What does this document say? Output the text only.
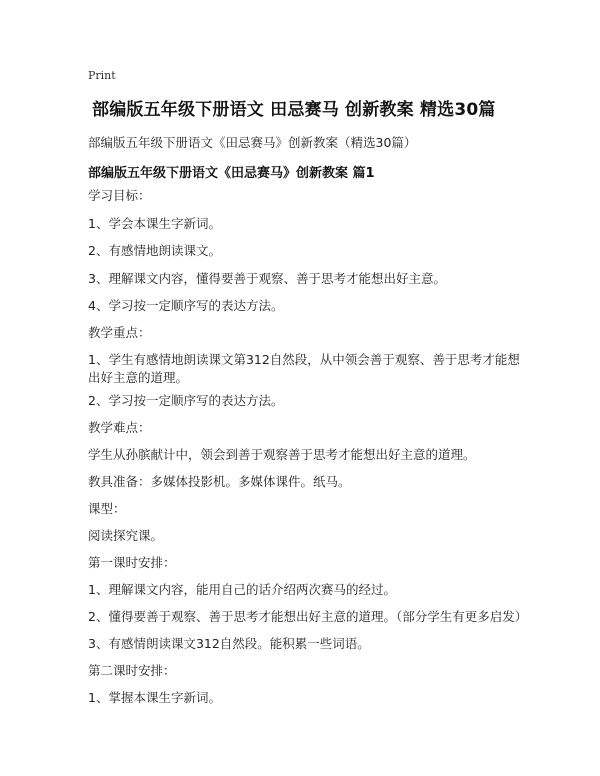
Print
部编版五年级下册语文 田忌赛马 创新教案 精选30篇
部编版五年级下册语文《田忌赛马》创新教案（精选30篇）
部编版五年级下册语文《田忌赛马》创新教案 篇1
学习目标：
1、学会本课生字新词。
2、有感情地朗读课文。
3、理解课文内容，懂得要善于观察、善于思考才能想出好主意。
4、学习按一定顺序写的表达方法。
教学重点：
1、学生有感情地朗读课文第312自然段，从中领会善于观察、善于思考才能想出好主意的道理。
2、学习按一定顺序写的表达方法。
教学难点：
学生从孙膑献计中，领会到善于观察善于思考才能想出好主意的道理。
教具准备：多媒体投影机。多媒体课件。纸马。
课型：
阅读探究课。
第一课时安排：
1、理解课文内容，能用自己的话介绍两次赛马的经过。
2、懂得要善于观察、善于思考才能想出好主意的道理。（部分学生有更多启发）
3、有感情朗读课文312自然段。能积累一些词语。
第二课时安排：
1、掌握本课生字新词。
